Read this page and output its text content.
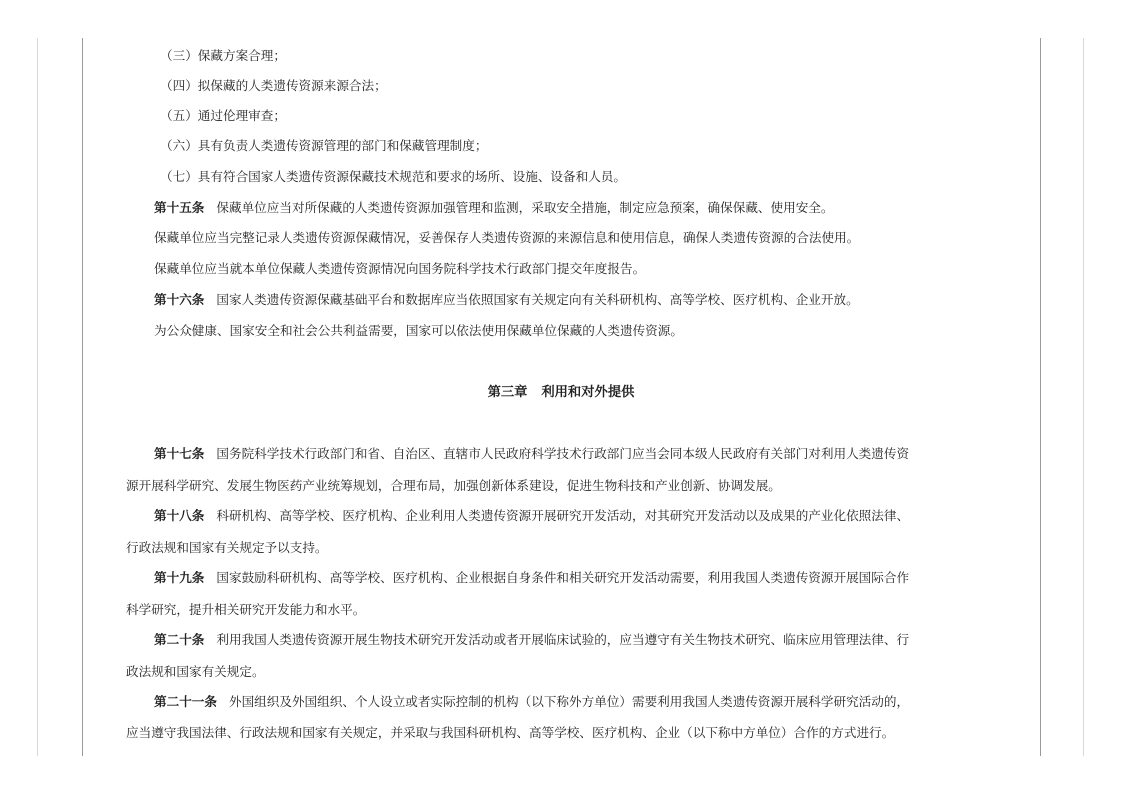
（三）保藏方案合理；
（四）拟保藏的人类遗传资源来源合法；
（五）通过伦理审查；
（六）具有负责人类遗传资源管理的部门和保藏管理制度；
（七）具有符合国家人类遗传资源保藏技术规范和要求的场所、设施、设备和人员。
第十五条 保藏单位应当对所保藏的人类遗传资源加强管理和监测，采取安全措施，制定应急预案，确保保藏、使用安全。
保藏单位应当完整记录人类遗传资源保藏情况，妥善保存人类遗传资源的来源信息和使用信息，确保人类遗传资源的合法使用。
保藏单位应当就本单位保藏人类遗传资源情况向国务院科学技术行政部门提交年度报告。
第十六条 国家人类遗传资源保藏基础平台和数据库应当依照国家有关规定向有关科研机构、高等学校、医疗机构、企业开放。
为公众健康、国家安全和社会公共利益需要，国家可以依法使用保藏单位保藏的人类遗传资源。
第三章 利用和对外提供
第十七条 国务院科学技术行政部门和省、自治区、直辖市人民政府科学技术行政部门应当会同本级人民政府有关部门对利用人类遗传资
源开展科学研究、发展生物医药产业统筹规划，合理布局，加强创新体系建设，促进生物科技和产业创新、协调发展。
第十八条 科研机构、高等学校、医疗机构、企业利用人类遗传资源开展研究开发活动，对其研究开发活动以及成果的产业化依照法律、
行政法规和国家有关规定予以支持。
第十九条 国家鼓励科研机构、高等学校、医疗机构、企业根据自身条件和相关研究开发活动需要，利用我国人类遗传资源开展国际合作
科学研究，提升相关研究开发能力和水平。
第二十条 利用我国人类遗传资源开展生物技术研究开发活动或者开展临床试验的，应当遵守有关生物技术研究、临床应用管理法律、行
政法规和国家有关规定。
第二十一条 外国组织及外国组织、个人设立或者实际控制的机构（以下称外方单位）需要利用我国人类遗传资源开展科学研究活动的，
应当遵守我国法律、行政法规和国家有关规定，并采取与我国科研机构、高等学校、医疗机构、企业（以下称中方单位）合作的方式进行。
